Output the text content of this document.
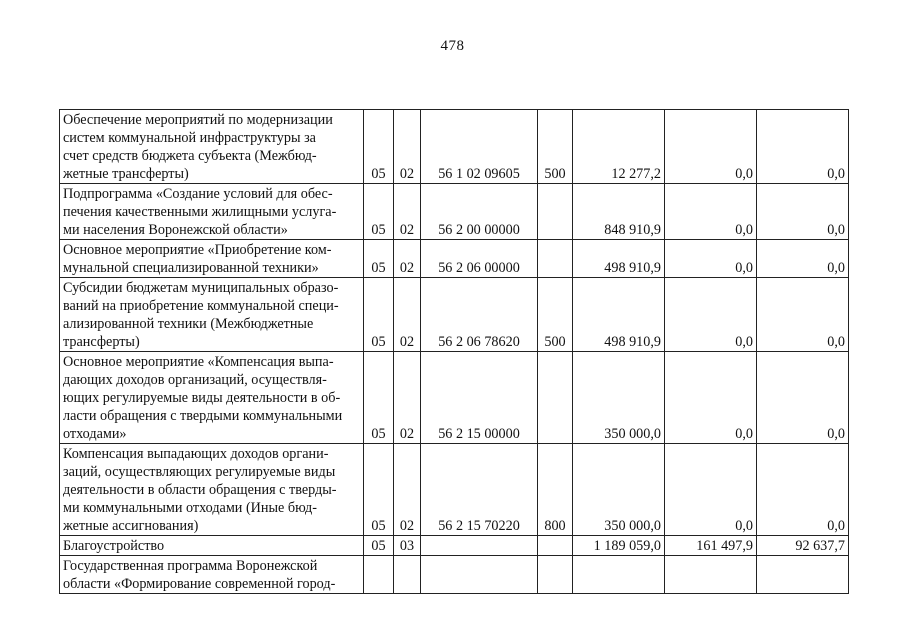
478
Обеспечение мероприятий по модернизации
систем коммунальной инфраструктуры за
счет средств бюджета субъекта (Межбюд-
жетные трансферты)	05	02	56 1 02 09605	500	12 277,2	0,0	0,0
Подпрограмма «Создание условий для обес-
печения качественными жилищными услуга-
ми населения Воронежской области»	05	02	56 2 00 00000		848 910,9	0,0	0,0
Основное мероприятие «Приобретение ком-
мунальной специализированной техники»	05	02	56 2 06 00000		498 910,9	0,0	0,0
Субсидии бюджетам муниципальных образо-
ваний на приобретение коммунальной специ-
ализированной техники (Межбюджетные
трансферты)	05	02	56 2 06 78620	500	498 910,9	0,0	0,0
Основное мероприятие «Компенсация выпа-
дающих доходов организаций, осуществля-
ющих регулируемые виды деятельности в об-
ласти обращения с твердыми коммунальными
отходами»	05	02	56 2 15 00000		350 000,0	0,0	0,0
Компенсация выпадающих доходов органи-
заций, осуществляющих регулируемые виды
деятельности в области обращения с тверды-
ми коммунальными отходами (Иные бюд-
жетные ассигнования)	05	02	56 2 15 70220	800	350 000,0	0,0	0,0
Благоустройство	05	03			1 189 059,0	161 497,9	92 637,7
Государственная программа Воронежской
области «Формирование современной город-							
